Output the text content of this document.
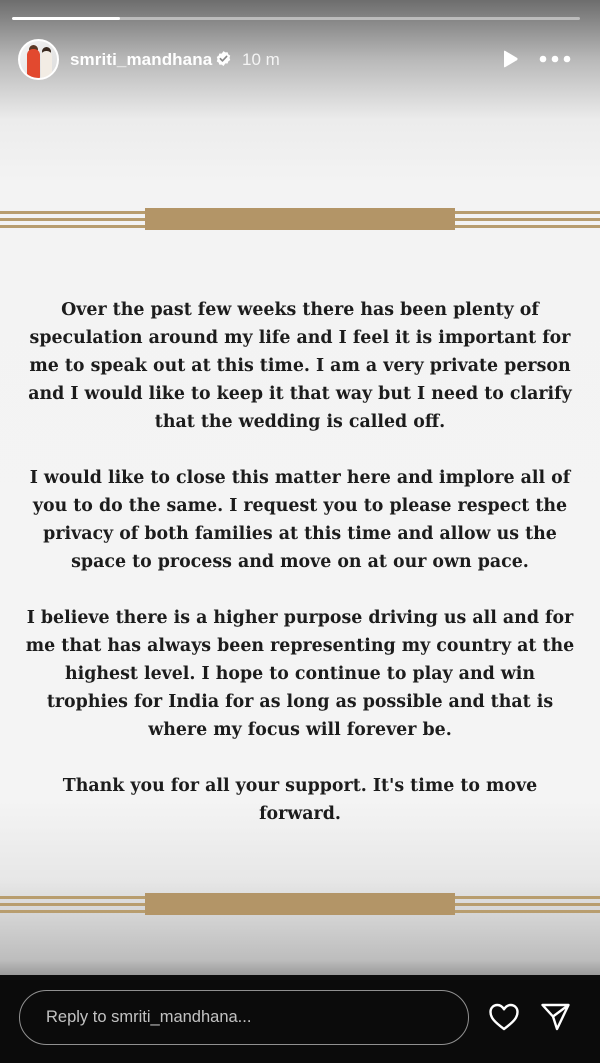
smriti_mandhana 10 m

Over the past few weeks there has been plenty of speculation around my life and I feel it is important for me to speak out at this time. I am a very private person and I would like to keep it that way but I need to clarify that the wedding is called off.

I would like to close this matter here and implore all of you to do the same. I request you to please respect the privacy of both families at this time and allow us the space to process and move on at our own pace.

I believe there is a higher purpose driving us all and for me that has always been representing my country at the highest level. I hope to continue to play and win trophies for India for as long as possible and that is where my focus will forever be.

Thank you for all your support. It's time to move forward.

Reply to smriti_mandhana...
